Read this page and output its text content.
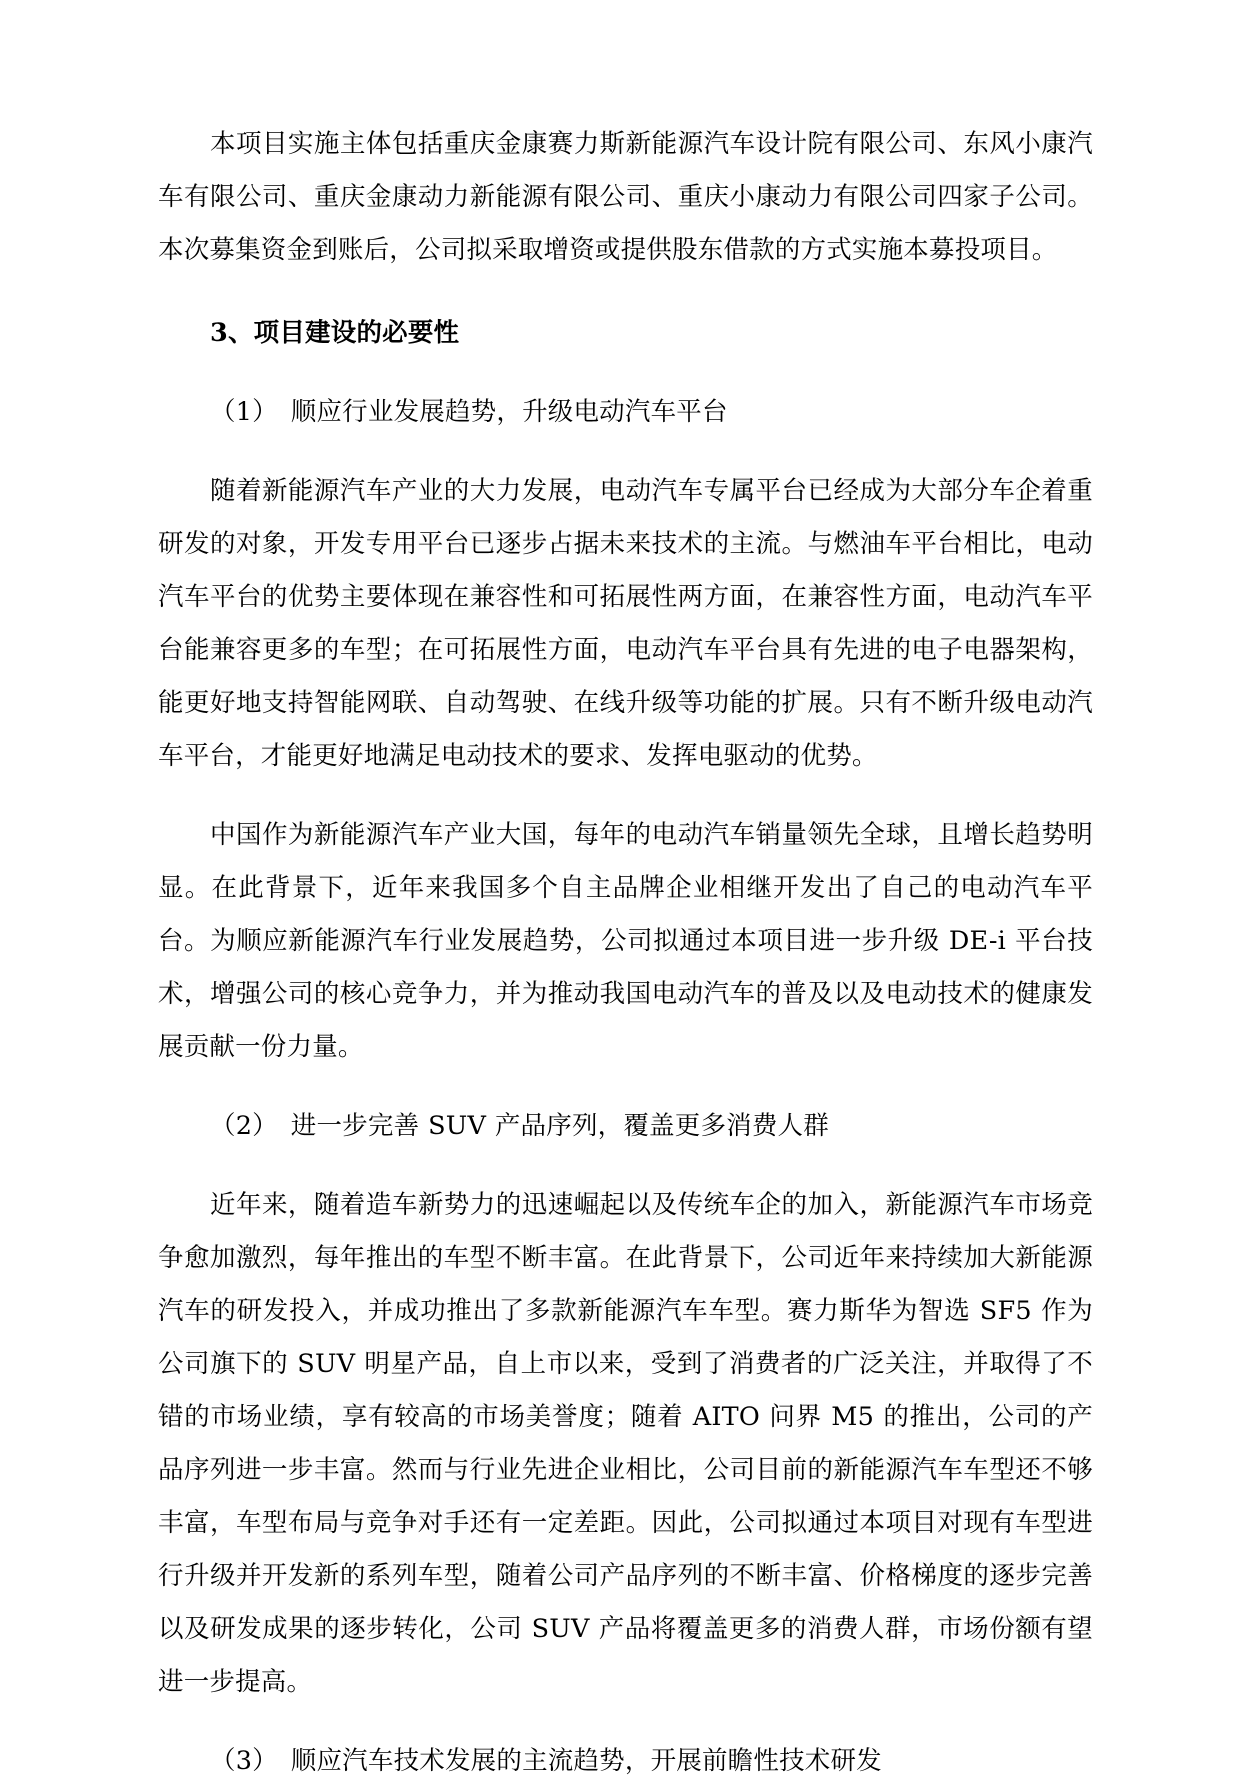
本项目实施主体包括重庆金康赛力斯新能源汽车设计院有限公司、东风小康汽车有限公司、重庆金康动力新能源有限公司、重庆小康动力有限公司四家子公司。本次募集资金到账后，公司拟采取增资或提供股东借款的方式实施本募投项目。

3、项目建设的必要性

（1）　顺应行业发展趋势，升级电动汽车平台

随着新能源汽车产业的大力发展，电动汽车专属平台已经成为大部分车企着重研发的对象，开发专用平台已逐步占据未来技术的主流。与燃油车平台相比，电动汽车平台的优势主要体现在兼容性和可拓展性两方面，在兼容性方面，电动汽车平台能兼容更多的车型；在可拓展性方面，电动汽车平台具有先进的电子电器架构，能更好地支持智能网联、自动驾驶、在线升级等功能的扩展。只有不断升级电动汽车平台，才能更好地满足电动技术的要求、发挥电驱动的优势。

中国作为新能源汽车产业大国，每年的电动汽车销量领先全球，且增长趋势明显。在此背景下，近年来我国多个自主品牌企业相继开发出了自己的电动汽车平台。为顺应新能源汽车行业发展趋势，公司拟通过本项目进一步升级 DE-i 平台技术，增强公司的核心竞争力，并为推动我国电动汽车的普及以及电动技术的健康发展贡献一份力量。

（2）　进一步完善 SUV 产品序列，覆盖更多消费人群

近年来，随着造车新势力的迅速崛起以及传统车企的加入，新能源汽车市场竞争愈加激烈，每年推出的车型不断丰富。在此背景下，公司近年来持续加大新能源汽车的研发投入，并成功推出了多款新能源汽车车型。赛力斯华为智选 SF5 作为公司旗下的 SUV 明星产品，自上市以来，受到了消费者的广泛关注，并取得了不错的市场业绩，享有较高的市场美誉度；随着 AITO 问界 M5 的推出，公司的产品序列进一步丰富。然而与行业先进企业相比，公司目前的新能源汽车车型还不够丰富，车型布局与竞争对手还有一定差距。因此，公司拟通过本项目对现有车型进行升级并开发新的系列车型，随着公司产品序列的不断丰富、价格梯度的逐步完善以及研发成果的逐步转化，公司 SUV 产品将覆盖更多的消费人群，市场份额有望进一步提高。

（3）　顺应汽车技术发展的主流趋势，开展前瞻性技术研发
